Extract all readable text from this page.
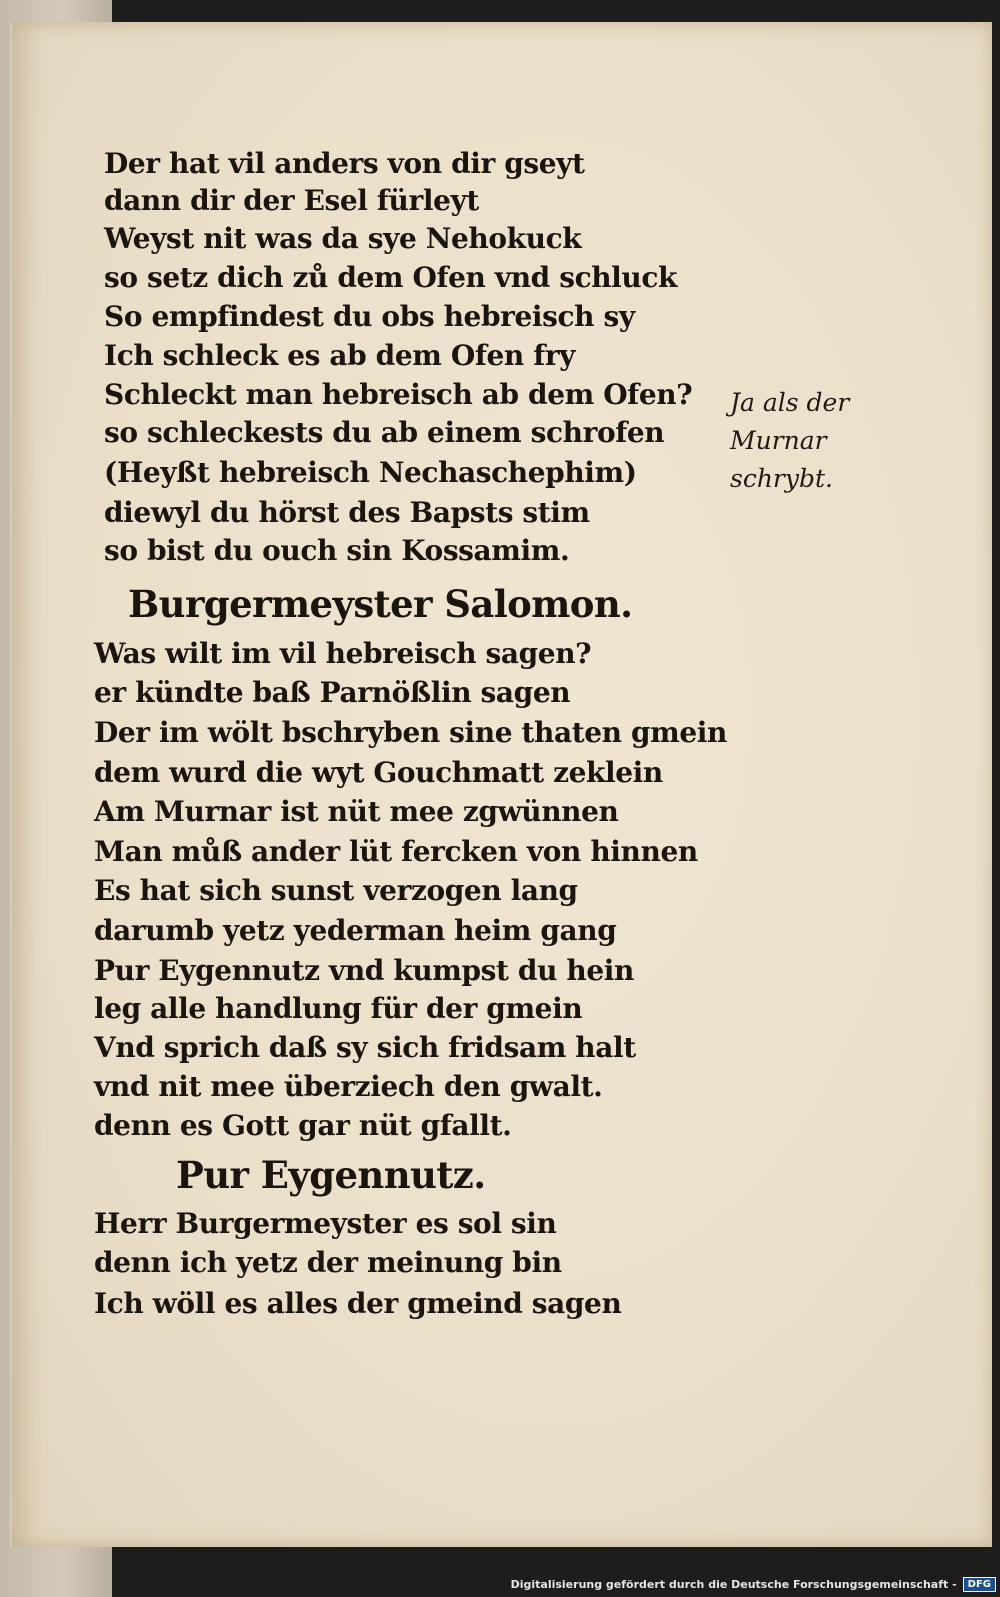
Der hat vil anders von dir gseyt
dann dir der Esel fürleyt
Weyst nit was da sye Nehokuck
so setz dich zů dem Ofen vnd schluck
So empfindest du obs hebreisch sy
Ich schleck es ab dem Ofen fry
Schleckt man hebreisch ab dem Ofen?
so schleckests du ab einem schrofen
(Heyßt hebreisch Nechaschephim)
diewyl du hörst des Bapsts stim
so bist du ouch sin Kossamim.
Burgermeyster Salomon.
Was wilt im vil hebreisch sagen?
er kündte baß Parnößlin sagen
Der im wölt bschryben sine thaten gmein
dem wurd die wyt Gouchmatt zeklein
Am Murnar ist nüt mee zgwünnen
Man můß ander lüt fercken von hinnen
Es hat sich sunst verzogen lang
darumb yetz yederman heim gang
Pur Eygennutz vnd kumpst du hein
leg alle handlung für der gmein
Vnd sprich daß sy sich fridsam halt
vnd nit mee überziech den gwalt.
denn es Gott gar nüt gfallt.
Pur Eygennutz.
Herr Burgermeyster es sol sin
denn ich yetz der meinung bin
Ich wöll es alles der gmeind sagen
Ja als der
Murnar
schrybt.
Digitalisierung gefördert durch die Deutsche Forschungsgemeinschaft -	DFG
